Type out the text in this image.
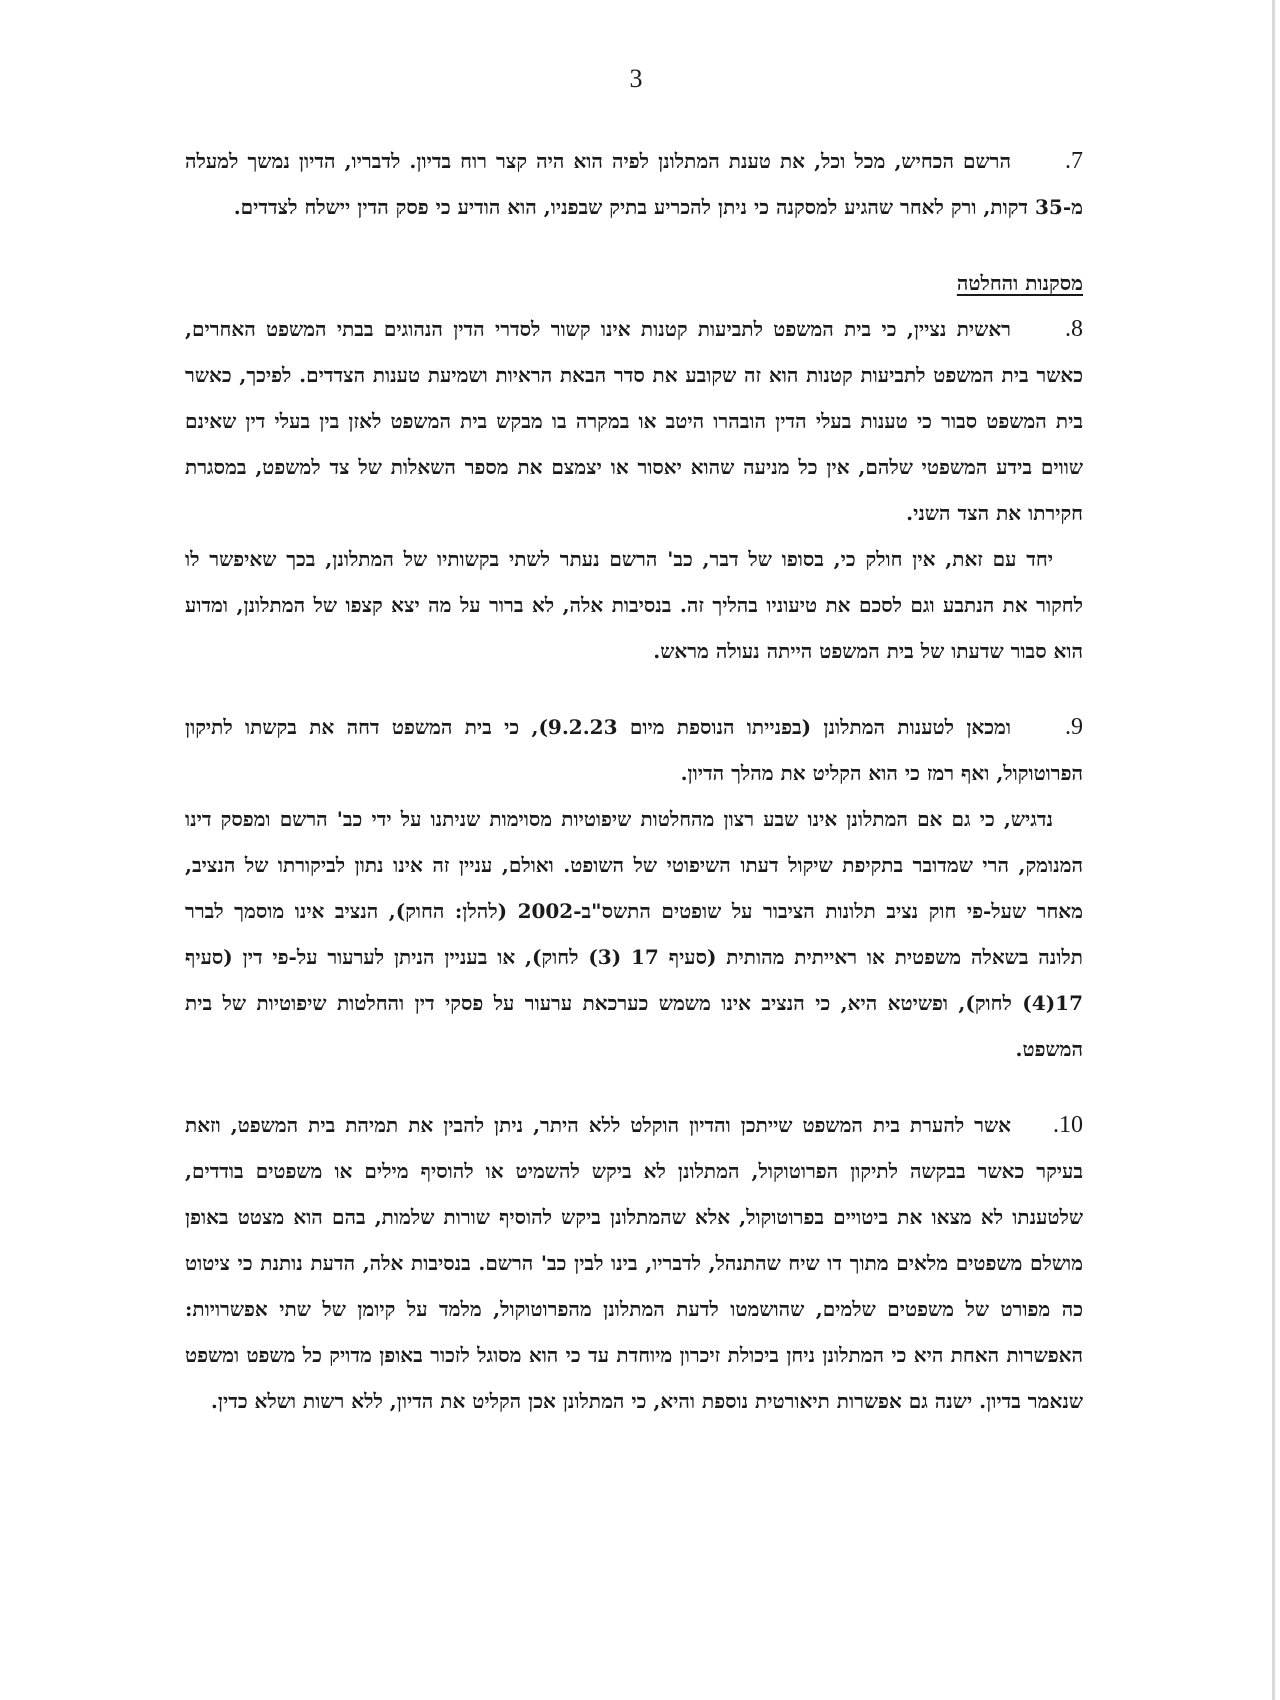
3

7.
הרשם הכחיש, מכל וכל, את טענת המתלונן לפיה הוא היה קצר רוח בדיון. לדבריו, הדיון נמשך למעלה מ-35 דקות, ורק לאחר שהגיע למסקנה כי ניתן להכריע בתיק שבפניו, הוא הודיע כי פסק הדין יישלח לצדדים.

מסקנות והחלטה

8.
ראשית נציין, כי בית המשפט לתביעות קטנות אינו קשור לסדרי הדין הנהוגים בבתי המשפט האחרים, כאשר בית המשפט לתביעות קטנות הוא זה שקובע את סדר הבאת הראיות ושמיעת טענות הצדדים. לפיכך, כאשר בית המשפט סבור כי טענות בעלי הדין הובהרו היטב או במקרה בו מבקש בית המשפט לאזן בין בעלי דין שאינם שווים בידע המשפטי שלהם, אין כל מניעה שהוא יאסור או יצמצם את מספר השאלות של צד למשפט, במסגרת חקירתו את הצד השני.

יחד עם זאת, אין חולק כי, בסופו של דבר, כב' הרשם נעתר לשתי בקשותיו של המתלונן, בכך שאיפשר לו לחקור את הנתבע וגם לסכם את טיעוניו בהליך זה. בנסיבות אלה, לא ברור על מה יצא קצפו של המתלונן, ומדוע הוא סבור שדעתו של בית המשפט הייתה נעולה מראש.

9.
ומכאן לטענות המתלונן (בפנייתו הנוספת מיום 9.2.23), כי בית המשפט דחה את בקשתו לתיקון הפרוטוקול, ואף רמז כי הוא הקליט את מהלך הדיון.

נדגיש, כי גם אם המתלונן אינו שבע רצון מהחלטות שיפוטיות מסוימות שניתנו על ידי כב' הרשם ומפסק דינו המנומק, הרי שמדובר בתקיפת שיקול דעתו השיפוטי של השופט. ואולם, עניין זה אינו נתון לביקורתו של הנציב, מאחר שעל-פי חוק נציב תלונות הציבור על שופטים התשס"ב-2002 (להלן: החוק), הנציב אינו מוסמך לברר תלונה בשאלה משפטית או ראייתית מהותית (סעיף 17 (3) לחוק), או בעניין הניתן לערעור על-פי דין (סעיף 17(4) לחוק), ופשיטא היא, כי הנציב אינו משמש כערכאת ערעור על פסקי דין והחלטות שיפוטיות של בית המשפט.

10.
אשר להערת בית המשפט שייתכן והדיון הוקלט ללא היתר, ניתן להבין את תמיהת בית המשפט, וזאת בעיקר כאשר בבקשה לתיקון הפרוטוקול, המתלונן לא ביקש להשמיט או להוסיף מילים או משפטים בודדים, שלטענתו לא מצאו את ביטויים בפרוטוקול, אלא שהמתלונן ביקש להוסיף שורות שלמות, בהם הוא מצטט באופן מושלם משפטים מלאים מתוך דו שיח שהתנהל, לדבריו, בינו לבין כב' הרשם. בנסיבות אלה, הדעת נותנת כי ציטוט כה מפורט של משפטים שלמים, שהושמטו לדעת המתלונן מהפרוטוקול, מלמד על קיומן של שתי אפשרויות: האפשרות האחת היא כי המתלונן ניחן ביכולת זיכרון מיוחדת עד כי הוא מסוגל לזכור באופן מדויק כל משפט ומשפט שנאמר בדיון. ישנה גם אפשרות תיאורטית נוספת והיא, כי המתלונן אכן הקליט את הדיון, ללא רשות ושלא כדין.
